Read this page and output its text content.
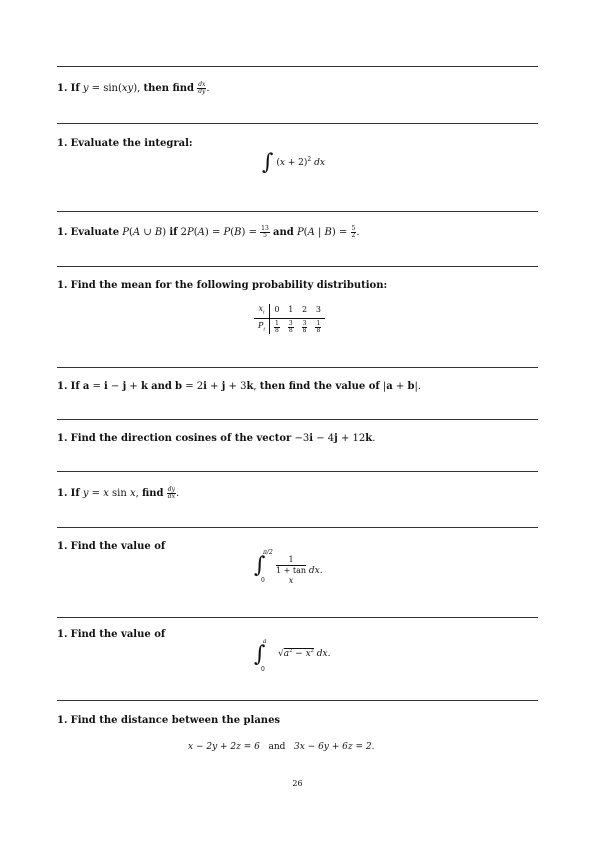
1. If y = sin(xy), then find $\frac{dx}{dy}$ .
1. Evaluate the integral:
∫ $(x + 2)^2$ dx
1. Evaluate P(A ∪ B) if $2P(A) = P(B) = \frac{13}{5}$ and P(A | $B) = \frac{5}{2}$ .
1. Find the mean for the following probability distribution:
$x_i$	0	1	2	3
$P_i$	$\frac{1}{8}$	$\frac{3}{8}$	$\frac{3}{8}$	$\frac{1}{8}$
1. If a = i − j + k and b = 2i + j + 3k, then find the value of |a + b|.
1. Find the direction cosines of the vector −3i − 4j + 12k.
1. If y = x sin x, find $\frac{dy}{dx}$ .
1. Find the value of
∫
π/2
0 1
1 + tan
x dx.
1. Find the value of
∫
a
0
$√a^2 - x^2$ dx.
1. Find the distance between the planes
x − 2y + 2z = 6 and 3x − 6y + 6z = 2.
26
